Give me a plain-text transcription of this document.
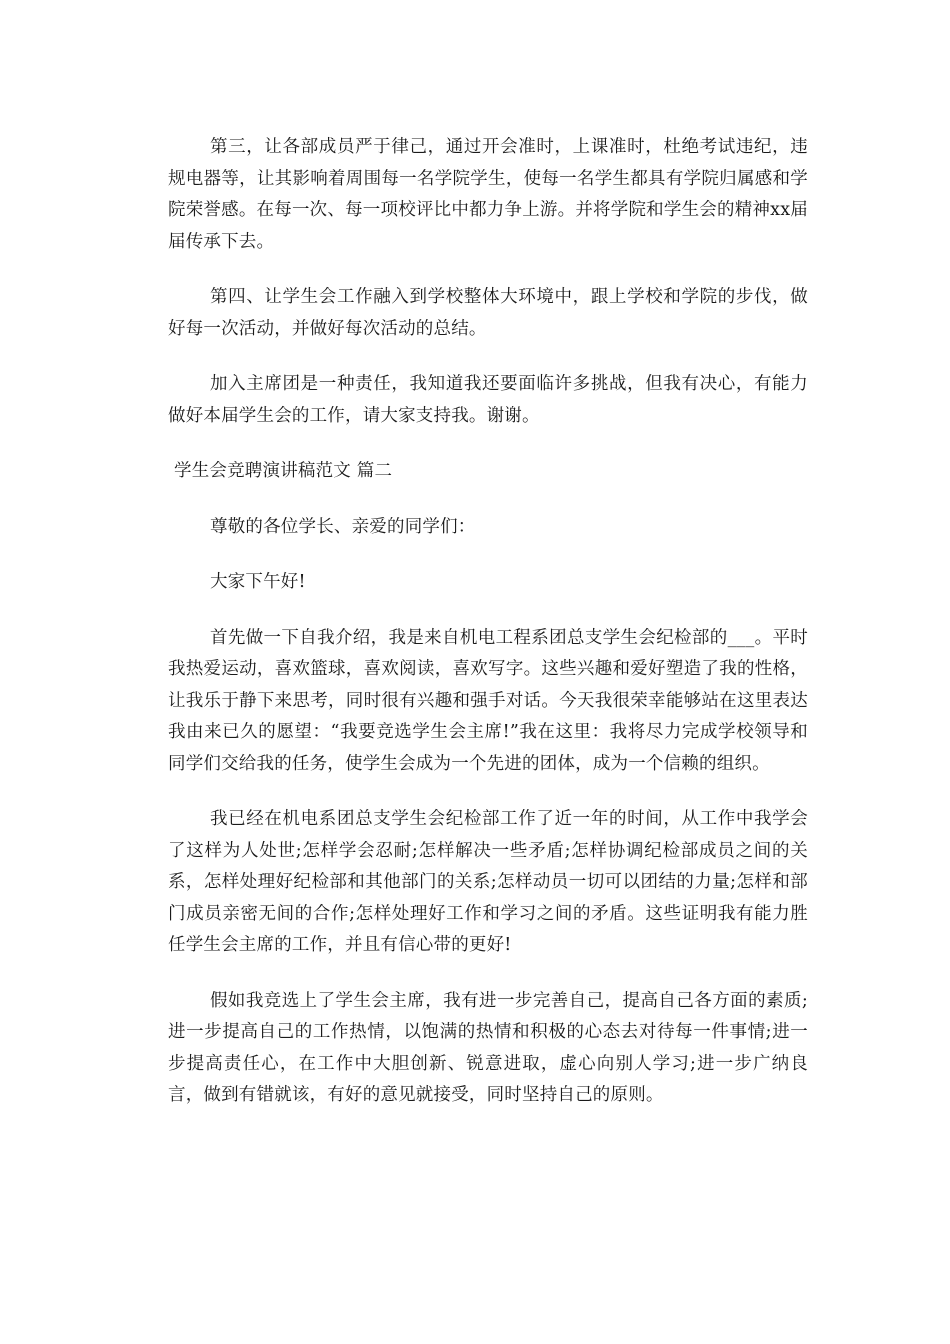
第三，让各部成员严于律己，通过开会准时，上课准时，杜绝考试违纪，违规电器等，让其影响着周围每一名学院学生，使每一名学生都具有学院归属感和学院荣誉感。在每一次、每一项校评比中都力争上游。并将学院和学生会的精神xx届届传承下去。

第四、让学生会工作融入到学校整体大环境中，跟上学校和学院的步伐，做好每一次活动，并做好每次活动的总结。

加入主席团是一种责任，我知道我还要面临许多挑战，但我有决心，有能力做好本届学生会的工作，请大家支持我。谢谢。

学生会竞聘演讲稿范文 篇二

尊敬的各位学长、亲爱的同学们：

大家下午好!

首先做一下自我介绍，我是来自机电工程系团总支学生会纪检部的___。平时我热爱运动，喜欢篮球，喜欢阅读，喜欢写字。这些兴趣和爱好塑造了我的性格，让我乐于静下来思考，同时很有兴趣和强手对话。今天我很荣幸能够站在这里表达我由来已久的愿望：“我要竞选学生会主席!”我在这里：我将尽力完成学校领导和同学们交给我的任务，使学生会成为一个先进的团体，成为一个信赖的组织。

我已经在机电系团总支学生会纪检部工作了近一年的时间，从工作中我学会了这样为人处世;怎样学会忍耐;怎样解决一些矛盾;怎样协调纪检部成员之间的关系，怎样处理好纪检部和其他部门的关系;怎样动员一切可以团结的力量;怎样和部门成员亲密无间的合作;怎样处理好工作和学习之间的矛盾。这些证明我有能力胜任学生会主席的工作，并且有信心带的更好!

假如我竞选上了学生会主席，我有进一步完善自己，提高自己各方面的素质;进一步提高自己的工作热情，以饱满的热情和积极的心态去对待每一件事情;进一步提高责任心，在工作中大胆创新、锐意进取，虚心向别人学习;进一步广纳良言，做到有错就该，有好的意见就接受，同时坚持自己的原则。
